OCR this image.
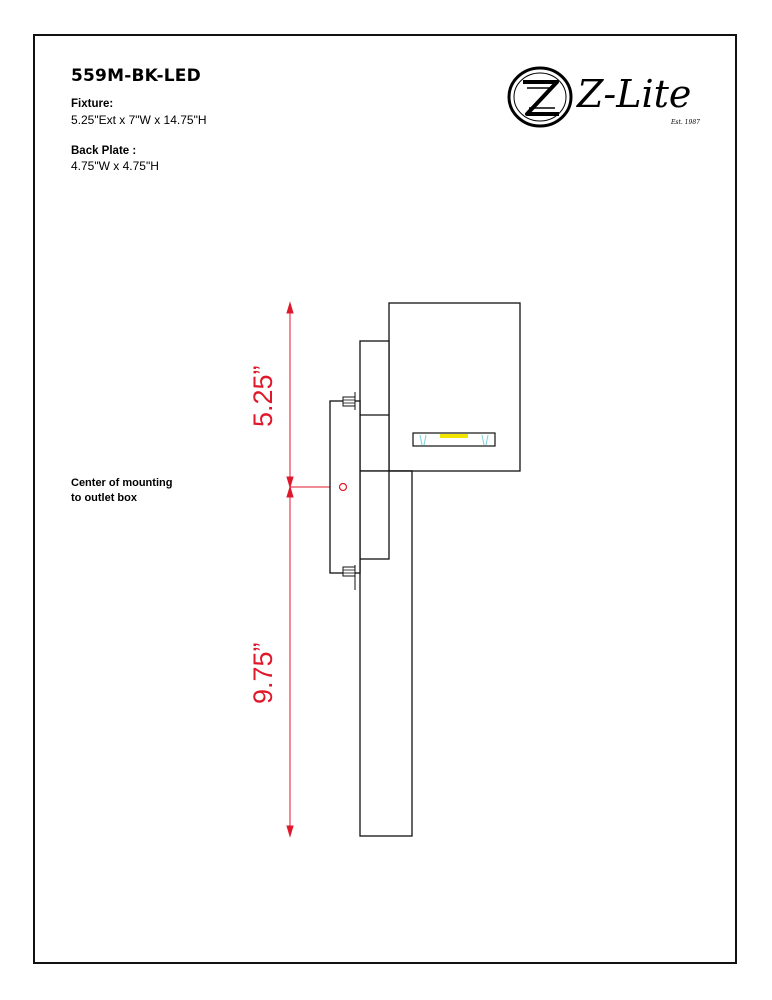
559M-BK-LED
Fixture:
5.25"Ext x 7"W x 14.75"H
Back Plate :
4.75"W x 4.75"H
Z-Lite
Est. 1987
Center of mounting
to outlet box
5.25”
9.75”
